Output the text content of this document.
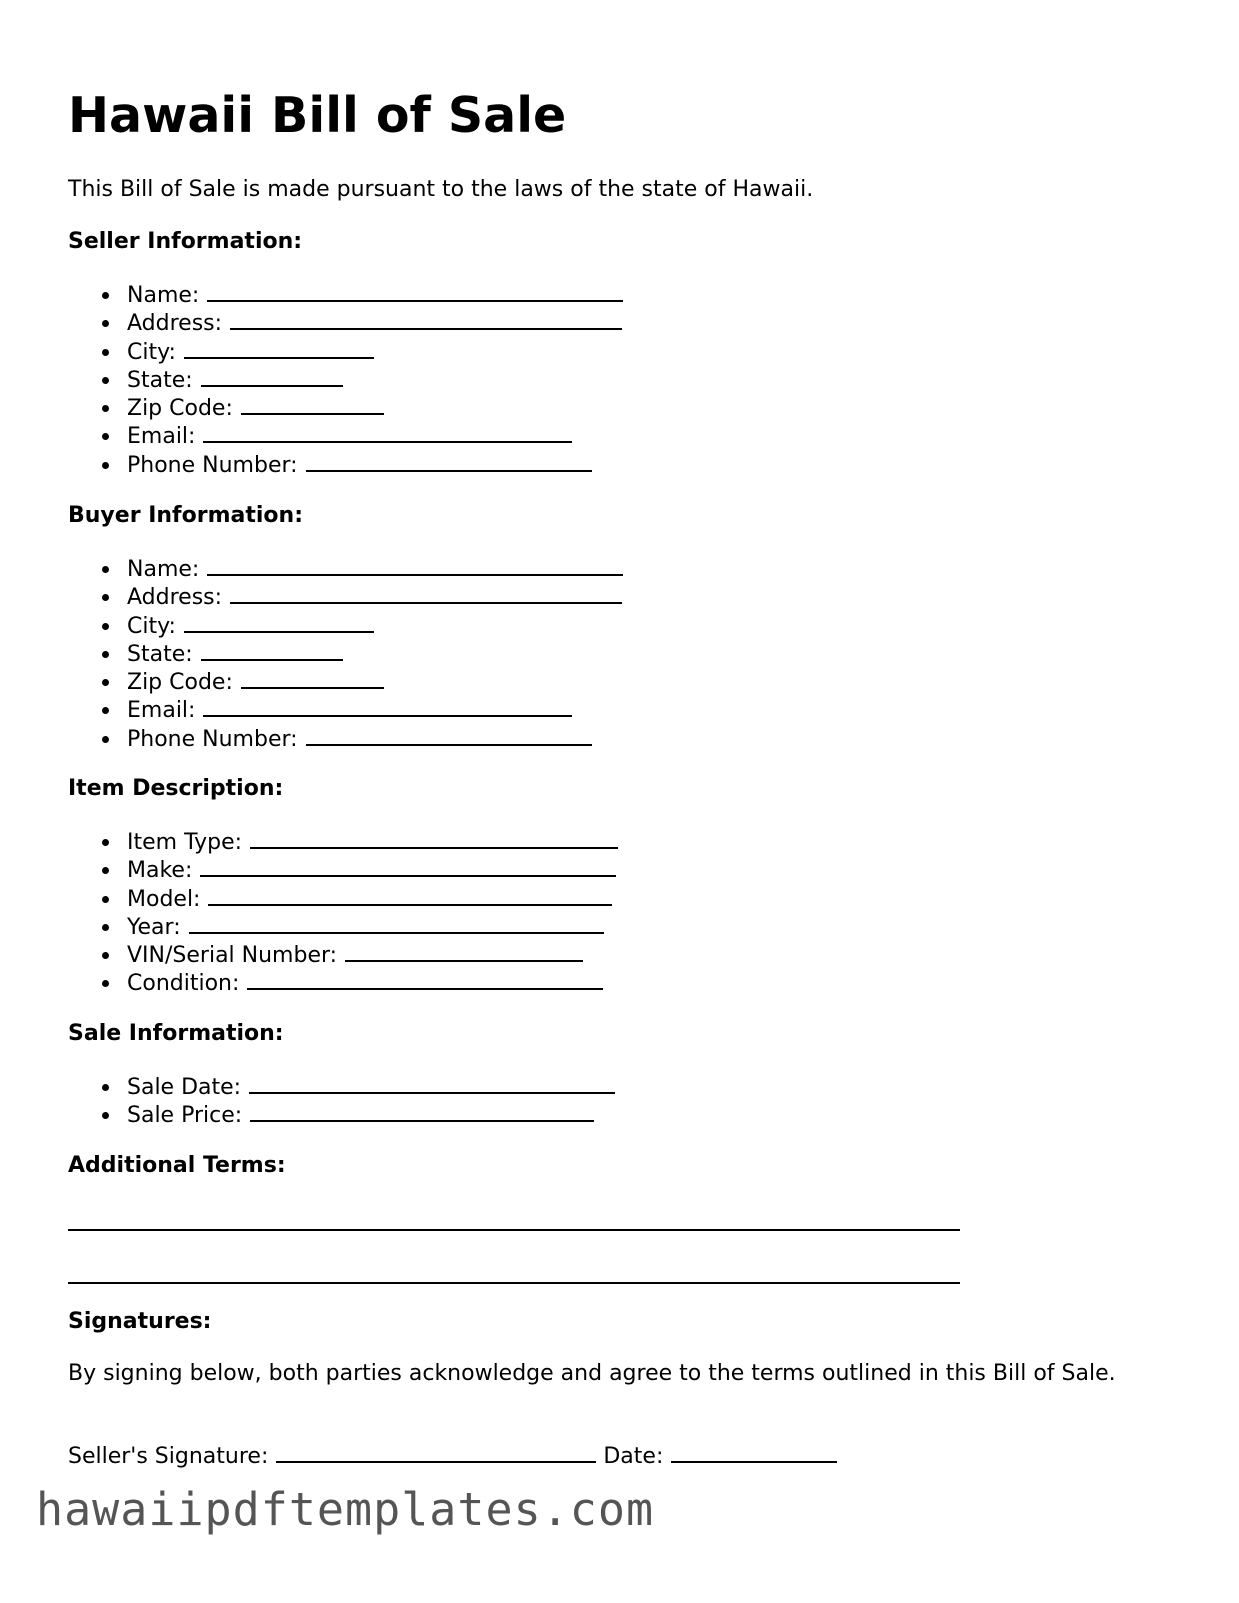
Hawaii Bill of Sale

This Bill of Sale is made pursuant to the laws of the state of Hawaii.

Seller Information:

Name:
Address:
City:
State:
Zip Code:
Email:
Phone Number:

Buyer Information:

Name:
Address:
City:
State:
Zip Code:
Email:
Phone Number:

Item Description:

Item Type:
Make:
Model:
Year:
VIN/Serial Number:
Condition:

Sale Information:

Sale Date:
Sale Price:

Additional Terms:

Signatures:

By signing below, both parties acknowledge and agree to the terms outlined in this Bill of Sale.

Seller's Signature:	Date:

hawaiipdftemplates.com
